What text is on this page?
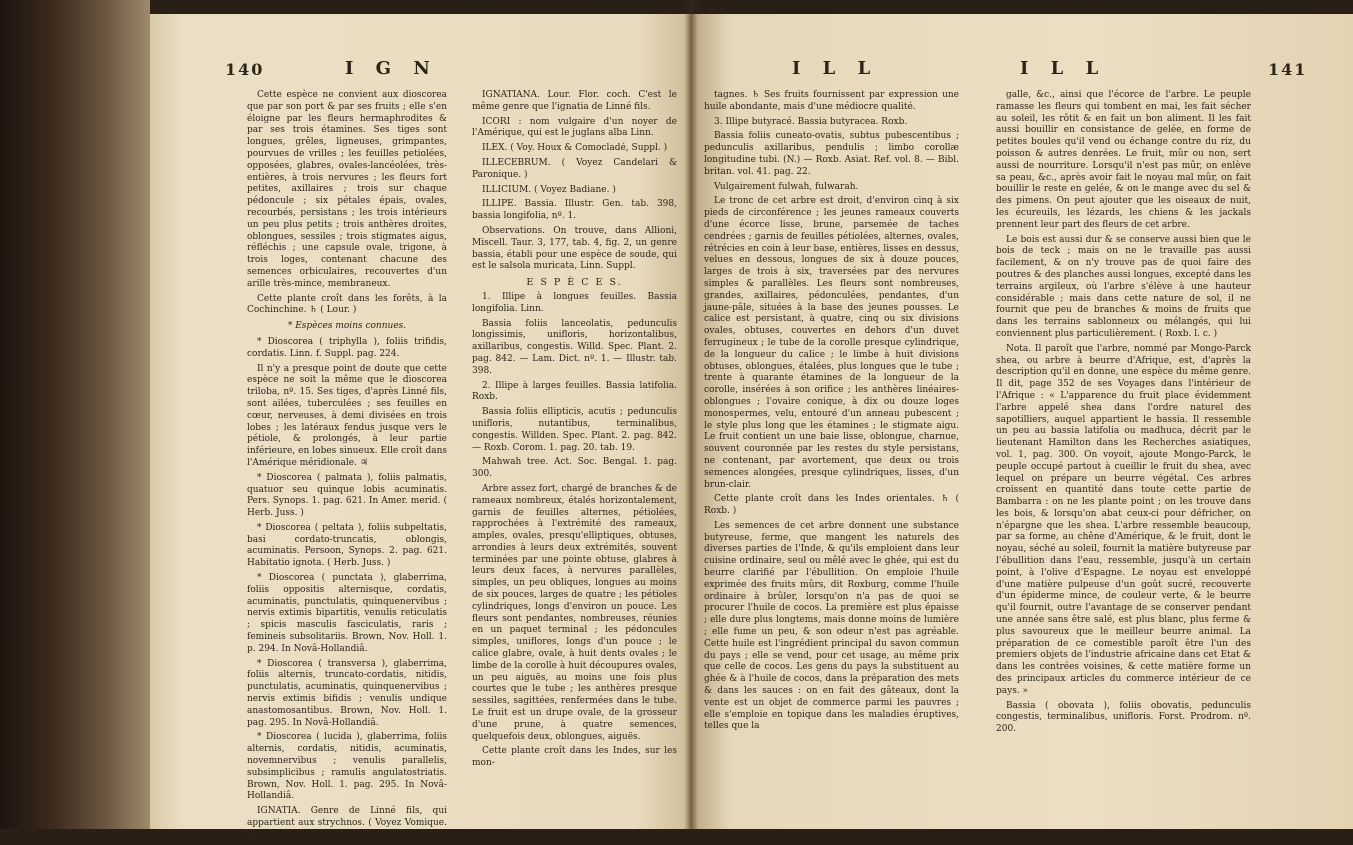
140	I G N

Cette espèce ne convient aux dioscorea que par son port & par ses fruits ; elle s'en éloigne par les fleurs hermaphrodites & par ses trois étamines. Ses tiges sont longues, grêles, ligneuses, grimpantes, pourvues de vrilles ; les feuilles petiolées, opposées, glabres, ovales-lancéolées, très-entières, à trois nervures ; les fleurs fort petites, axillaires ; trois sur chaque pédoncule ; six pétales épais, ovales, recourbés, persistans ; les trois intérieurs un peu plus petits ; trois anthères droites, oblongues, sessiles ; trois stigmates aigus, réfléchis ; une capsule ovale, trigone, à trois loges, contenant chacune des semences orbiculaires, recouvertes d'un arille très-mince, membraneux.

Cette plante croît dans les forêts, à la Cochinchine. ♄ ( Lour. )

* Espèces moins connues.

* Dioscorea ( triphylla ), foliis trifidis, cordatis. Linn. f. Suppl. pag. 224.

Il n'y a presque point de doute que cette espèce ne soit la même que le dioscorea triloba, nº. 15. Ses tiges, d'après Linné fils, sont ailées, tuberculées ; ses feuilles en cœur, nerveuses, à demi divisées en trois lobes ; les latéraux fendus jusque vers le pétiole, & prolongés, à leur partie inférieure, en lobes sinueux. Elle croît dans l'Amérique méridionale. ♃

* Dioscorea ( palmata ), foliis palmatis, quatuor seu quinque lobis acuminatis. Pers. Synops. 1. pag. 621. In Amer. merid. ( Herb. Juss. )

* Dioscorea ( peltata ), foliis subpeltatis, basi cordato-truncatis, oblongis, acuminatis. Persoon, Synops. 2. pag. 621. Habitatio ignota. ( Herb. Juss. )

* Dioscorea ( punctata ), glaberrima, foliis oppositis alternisque, cordatis, acuminatis, punctulatis, quinquenervibus ; nervis extimis bipartitis, venulis reticulatis ; spicis masculis fasciculatis, raris ; femineis subsolitariis. Brown, Nov. Holl. 1. p. 294. In Novâ-Hollandiâ.

* Dioscorea ( transversa ), glaberrima, foliis alternis, truncato-cordatis, nitidis, punctulatis, acuminatis, quinquenervibus ; nervis extimis bifidis ; venulis undique anastomosantibus. Brown, Nov. Holl. 1. pag. 295. In Novâ-Hollandiâ.

* Dioscorea ( lucida ), glaberrima, foliis alternis, cordatis, nitidis, acuminatis, novemnervibus ; venulis parallelis, subsimplicibus ; ramulis angulatostriatis. Brown, Nov. Holl. 1. pag. 295. In Novâ-Hollandiâ.

IGNATIA. Genre de Linné fils, qui appartient aux strychnos. ( Voyez Vomique. )

IGNATIANA. Lour. Flor. coch. C'est le même genre que l'ignatia de Linné fils.

ICORI : nom vulgaire d'un noyer de l'Amérique, qui est le juglans alba Linn.

ILEX. ( Voy. Houx & Comocladé, Suppl. )

ILLECEBRUM. ( Voyez Candelari & Paronique. )

ILLICIUM. ( Voyez Badiane. )

ILLIPE. Bassia. Illustr. Gen. tab. 398, bassia longifolia, nº. 1.

Observations. On trouve, dans Allioni, Miscell. Taur. 3, 177, tab. 4, fig. 2, un genre bassia, établi pour une espèce de soude, qui est le salsola muricata, Linn. Suppl.

E S P È C E S.

1. Illipe à longues feuilles. Bassia longifolia. Linn.

Bassia foliis lanceolatis, pedunculis longissimis, unifloris, horizontalibus, axillaribus, congestis. Willd. Spec. Plant. 2. pag. 842. — Lam. Dict. nº. 1. — Illustr. tab. 398.

2. Illipe à larges feuilles. Bassia latifolia. Roxb.

Bassia foliis ellipticis, acutis ; pedunculis unifloris, nutantibus, terminalibus, congestis. Willden. Spec. Plant. 2. pag. 842. — Roxb. Corom. 1. pag. 20. tab. 19.

Mahwah tree. Act. Soc. Bengal. 1. pag. 300.

Arbre assez fort, chargé de branches & de rameaux nombreux, étalés horizontalement, garnis de feuilles alternes, pétiolées, rapprochées à l'extrémité des rameaux, amples, ovales, presqu'elliptiques, obtuses, arrondies à leurs deux extrémités, souvent terminées par une pointe obtuse, glabres à leurs deux faces, à nervures parallèles, simples, un peu obliques, longues au moins de six pouces, larges de quatre ; les pétioles cylindriques, longs d'environ un pouce. Les fleurs sont pendantes, nombreuses, réunies en un paquet terminal ; les pédoncules simples, uniflores, longs d'un pouce ; le calice glabre, ovale, à huit dents ovales ; le limbe de la corolle à huit découpures ovales, un peu aiguës, au moins une fois plus courtes que le tube ; les anthères presque sessiles, sagittées, renfermées dans le tube. Le fruit est un drupe ovale, de la grosseur d'une prune, à quatre semences, quelquefois deux, oblongues, aiguës.

Cette plante croît dans les Indes, sur les mon-

I L L	I L L	141

tagnes. ♄ Ses fruits fournissent par expression une huile abondante, mais d'une médiocre qualité.

3. Illipe butyracé. Bassia butyracea. Roxb.

Bassia foliis cuneato-ovatis, subtus pubescentibus ; pedunculis axillaribus, pendulis ; limbo corollæ longitudine tubi. (N.) — Roxb. Asiat. Ref. vol. 8. — Bibl. britan. vol. 41. pag. 22.

Vulgairement fulwah, fulwarah.

Le tronc de cet arbre est droit, d'environ cinq à six pieds de circonférence ; les jeunes rameaux couverts d'une écorce lisse, brune, parsemée de taches cendrées ; garnis de feuilles pétiolées, alternes, ovales, rétrécies en coin à leur base, entières, lisses en dessus, velues en dessous, longues de six à douze pouces, larges de trois à six, traversées par des nervures simples & parallèles. Les fleurs sont nombreuses, grandes, axillaires, pédonculées, pendantes, d'un jaune-pâle, situées à la base des jeunes pousses. Le calice est persistant, à quatre, cinq ou six divisions ovales, obtuses, couvertes en dehors d'un duvet ferrugineux ; le tube de la corolle presque cylindrique, de la longueur du calice ; le limbe à huit divisions obtuses, oblongues, étalées, plus longues que le tube ; trente à quarante étamines de la longueur de la corolle, insérées à son orifice ; les anthères linéaires-oblongues ; l'ovaire conique, à dix ou douze loges monospermes, velu, entouré d'un anneau pubescent ; le style plus long que les étamines ; le stigmate aigu. Le fruit contient un une baie lisse, oblongue, charnue, souvent couronnée par les restes du style persistans, ne contenant, par avortement, que deux ou trois semences alongées, presque cylindriques, lisses, d'un brun-clair.

Cette plante croît dans les Indes orientales. ♄ ( Roxb. )

Les semences de cet arbre donnent une substance butyreuse, ferme, que mangent les naturels des diverses parties de l'Inde, & qu'ils emploient dans leur cuisine ordinaire, seul ou mêlé avec le ghée, qui est du beurre clarifié par l'ébullition. On emploie l'huile exprimée des fruits mûrs, dit Roxburg, comme l'huile ordinaire à brûler, lorsqu'on n'a pas de quoi se procurer l'huile de cocos. La première est plus épaisse ; elle dure plus longtems, mais donne moins de lumière ; elle fume un peu, & son odeur n'est pas agréable. Cette huile est l'ingrédient principal du savon commun du pays ; elle se vend, pour cet usage, au même prix que celle de cocos. Les gens du pays la substituent au ghée & à l'huile de cocos, dans la préparation des mets & dans les sauces : on en fait des gâteaux, dont la vente est un objet de commerce parmi les pauvres ; elle s'emploie en topique dans les maladies éruptives, telles que la

galle, &c., ainsi que l'écorce de l'arbre. Le peuple ramasse les fleurs qui tombent en mai, les fait sécher au soleil, les rôtit & en fait un bon aliment. Il les fait aussi bouillir en consistance de gelée, en forme de petites boules qu'il vend ou échange contre du riz, du poisson & autres denrées. Le fruit, mûr ou non, sert aussi de nourriture. Lorsqu'il n'est pas mûr, on enlève sa peau, &c., après avoir fait le noyau mal mûr, on fait bouillir le reste en gelée, & on le mange avec du sel & des pimens. On peut ajouter que les oiseaux de nuit, les écureuils, les lézards, les chiens & les jackals prennent leur part des fleurs de cet arbre.

Le bois est aussi dur & se conserve aussi bien que le bois de teck ; mais on ne le travaille pas aussi facilement, & on n'y trouve pas de quoi faire des poutres & des planches aussi longues, excepté dans les terrains argileux, où l'arbre s'élève à une hauteur considérable ; mais dans cette nature de sol, il ne fournit que peu de branches & moins de fruits que dans les terrains sablonneux ou mélangés, qui lui conviennent plus particulièrement. ( Roxb. l. c. )

Nota. Il paroît que l'arbre, nommé par Mongo-Parck shea, ou arbre à beurre d'Afrique, est, d'après la description qu'il en donne, une espèce du même genre. Il dit, page 352 de ses Voyages dans l'intérieur de l'Afrique : « L'apparence du fruit place évidemment l'arbre appelé shea dans l'ordre naturel des sapotilliers, auquel appartient le bassia. Il ressemble un peu au bassia latifolia ou madhuca, décrit par le lieutenant Hamilton dans les Recherches asiatiques, vol. 1, pag. 300. On voyoit, ajoute Mongo-Parck, le peuple occupé partout à cueillir le fruit du shea, avec lequel on prépare un beurre végétal. Ces arbres croissent en quantité dans toute cette partie de Bambarra : on ne les plante point ; on les trouve dans les bois, & lorsqu'on abat ceux-ci pour défricher, on n'épargne que les shea. L'arbre ressemble beaucoup, par sa forme, au chêne d'Amérique, & le fruit, dont le noyau, séché au soleil, fournit la matière butyreuse par l'ébullition dans l'eau, ressemble, jusqu'à un certain point, à l'olive d'Espagne. Le noyau est enveloppé d'une matière pulpeuse d'un goût sucré, recouverte d'un épiderme mince, de couleur verte, & le beurre qu'il fournit, outre l'avantage de se conserver pendant une année sans être salé, est plus blanc, plus ferme & plus savoureux que le meilleur beurre animal. La préparation de ce comestible paroît être l'un des premiers objets de l'industrie africaine dans cet Etat & dans les contrées voisines, & cette matière forme un des principaux articles du commerce intérieur de ce pays. »

Bassia ( obovata ), foliis obovatis, pedunculis congestis, terminalibus, unifloris. Forst. Prodrom. nº. 200.
